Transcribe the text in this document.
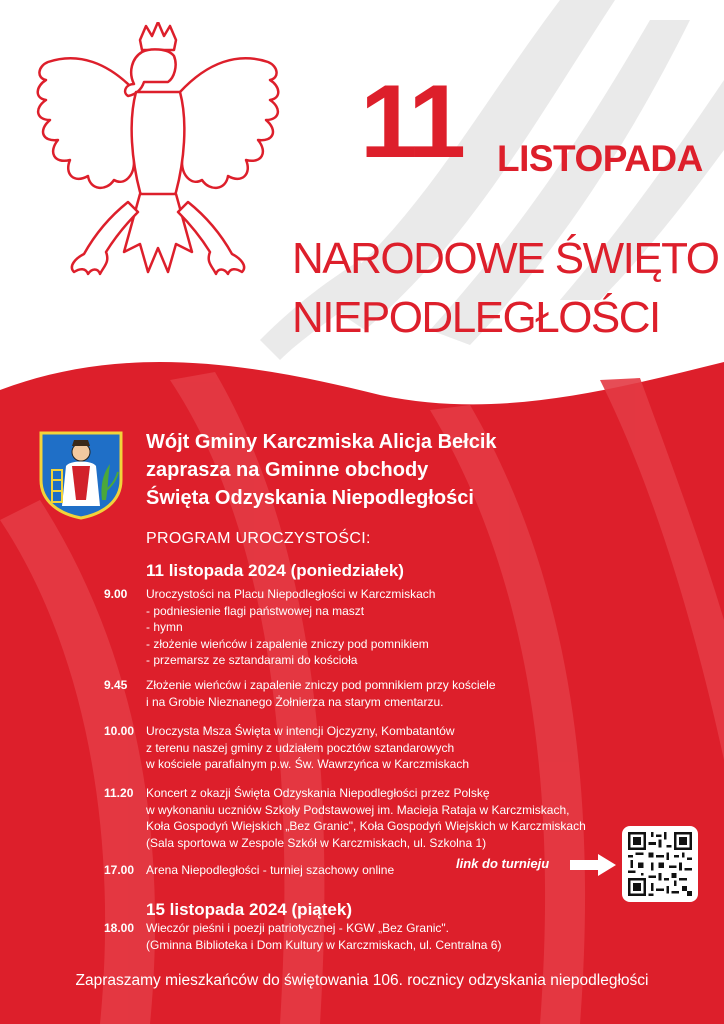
11 LISTOPADA
NARODOWE ŚWIĘTO
NIEPODLEGŁOŚCI
Wójt Gminy Karczmiska Alicja Bełcik
zaprasza na Gminne obchody
Święta Odzyskania Niepodległości
PROGRAM UROCZYSTOŚCI:
11 listopada 2024 (poniedziałek)
9.00 Uroczystości na Placu Niepodległości w Karczmiskach
- podniesienie flagi państwowej na maszt
- hymn
- złożenie wieńców i zapalenie zniczy pod pomnikiem
- przemarsz ze sztandarami do kościoła
9.45 Złożenie wieńców i zapalenie zniczy pod pomnikiem przy kościele
i na Grobie Nieznanego Żołnierza na starym cmentarzu.
10.00 Uroczysta Msza Święta w intencji Ojczyzny, Kombatantów
z terenu naszej gminy z udziałem pocztów sztandarowych
w kościele parafialnym p.w. Św. Wawrzyńca w Karczmiskach
11.20 Koncert z okazji Święta Odzyskania Niepodległości przez Polskę
w wykonaniu uczniów Szkoły Podstawowej im. Macieja Rataja w Karczmiskach,
Koła Gospodyń Wiejskich „Bez Granic", Koła Gospodyń Wiejskich w Karczmiskach
(Sala sportowa w Zespole Szkół w Karczmiskach, ul. Szkolna 1)
17.00 Arena Niepodległości - turniej szachowy online	link do turnieju
15 listopada 2024 (piątek)
18.00 Wieczór pieśni i poezji patriotycznej - KGW „Bez Granic".
(Gminna Biblioteka i Dom Kultury w Karczmiskach, ul. Centralna 6)
Zapraszamy mieszkańców do świętowania 106. rocznicy odzyskania niepodległości
